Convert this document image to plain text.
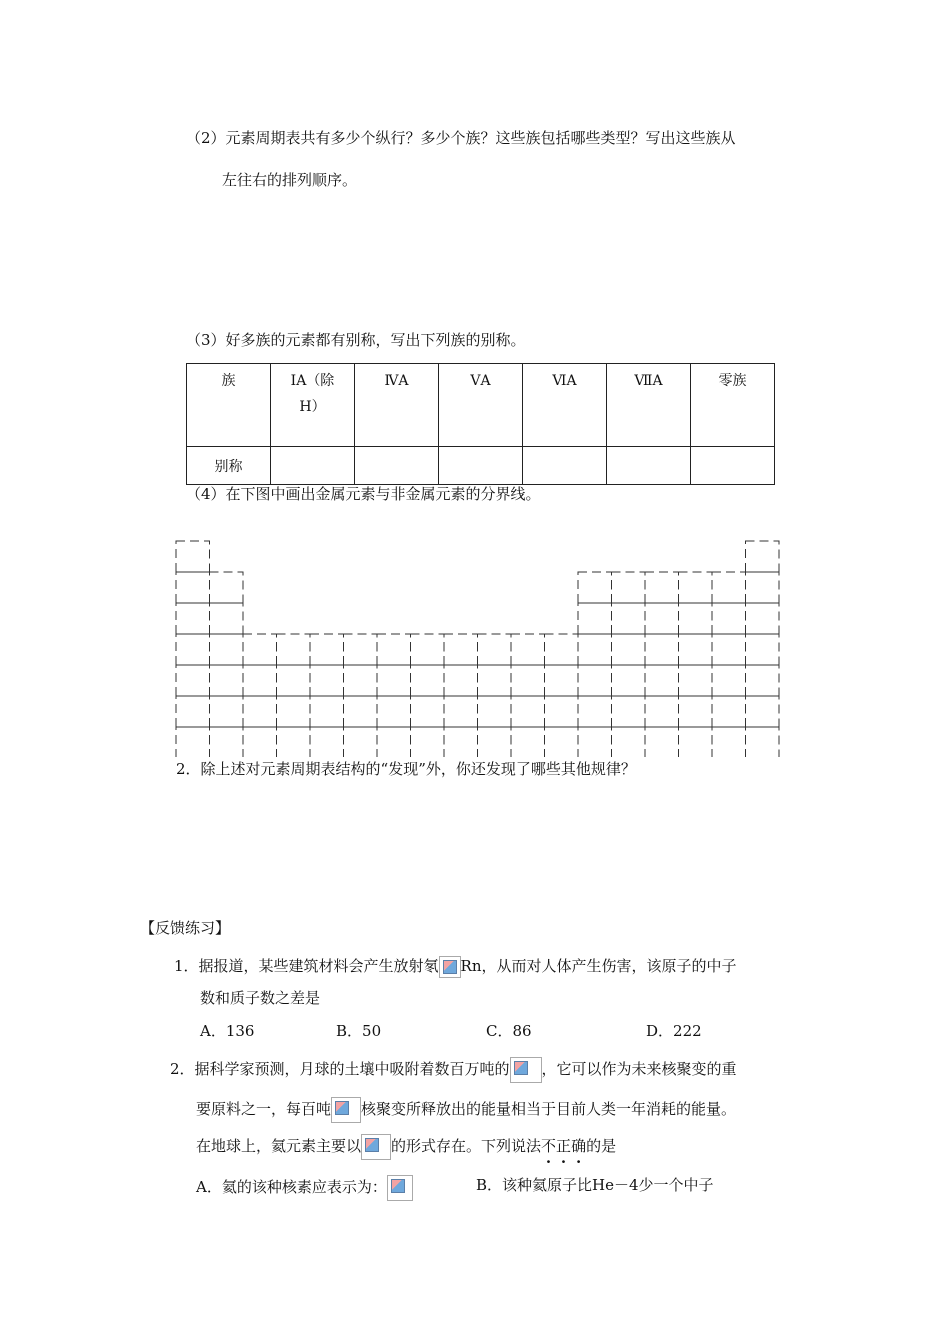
（2）元素周期表共有多少个纵行？多少个族？这些族包括哪些类型？写出这些族从
左往右的排列顺序。
（3）好多族的元素都有别称，写出下列族的别称。
族	ⅠA（除
H）	ⅣA	ⅤA	ⅥA	ⅦA	零族
别称						
（4）在下图中画出金属元素与非金属元素的分界线。
2．除上述对元素周期表结构的“发现”外，你还发现了哪些其他规律？
【反馈练习】
1．据报道，某些建筑材料会产生放射氡 Rn，从而对人体产生伤害，该原子的中子
数和质子数之差是
A．136	B．50	C．86	D．222
2．据科学家预测，月球的土壤中吸附着数百万吨的 ，它可以作为未来核聚变的重
要原料之一，每百吨 核聚变所释放出的能量相当于目前人类一年消耗的能量。
在地球上，氦元素主要以 的形式存在。下列说法不正确的是
A．氦的该种核素应表示为：	B．该种氦原子比He－4少一个中子
